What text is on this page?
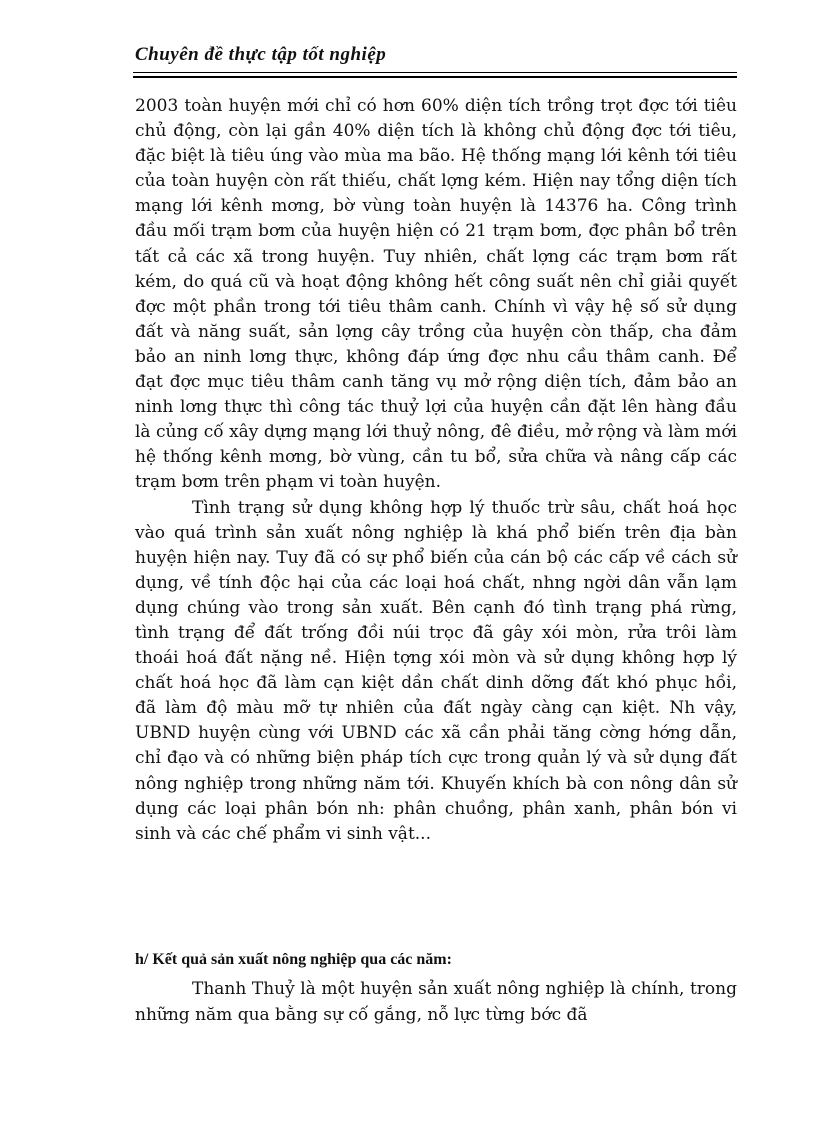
Chuyên đề thực tập tốt nghiệp

2003 toàn huyện mới chỉ có hơn 60% diện tích trồng trọt đợc tới tiêu chủ động, còn lại gần 40% diện tích là không chủ động đợc tới tiêu, đặc biệt là tiêu úng vào mùa ma bão. Hệ thống mạng lới kênh tới tiêu của toàn huyện còn rất thiếu, chất lợng kém. Hiện nay tổng diện tích mạng lới kênh mơng, bờ vùng toàn huyện là 14376 ha. Công trình đầu mối trạm bơm của huyện hiện có 21 trạm bơm, đợc phân bổ trên tất cả các xã trong huyện. Tuy nhiên, chất lợng các trạm bơm rất kém, do quá cũ và hoạt động không hết công suất nên chỉ giải quyết đợc một phần trong tới tiêu thâm canh. Chính vì vậy hệ số sử dụng đất và năng suất, sản lợng cây trồng của huyện còn thấp, cha đảm bảo an ninh lơng thực, không đáp ứng đợc nhu cầu thâm canh. Để đạt đợc mục tiêu thâm canh tăng vụ mở rộng diện tích, đảm bảo an ninh lơng thực thì công tác thuỷ lợi của huyện cần đặt lên hàng đầu là củng cố xây dựng mạng lới thuỷ nông, đê điều, mở rộng và làm mới hệ thống kênh mơng, bờ vùng, cần tu bổ, sửa chữa và nâng cấp các trạm bơm trên phạm vi toàn huyện.

Tình trạng sử dụng không hợp lý thuốc trừ sâu, chất hoá học vào quá trình sản xuất nông nghiệp là khá phổ biến trên địa bàn huyện hiện nay. Tuy đã có sự phổ biến của cán bộ các cấp về cách sử dụng, về tính độc hại của các loại hoá chất, nhng ngời dân vẫn lạm dụng chúng vào trong sản xuất. Bên cạnh đó tình trạng phá rừng, tình trạng để đất trống đồi núi trọc đã gây xói mòn, rửa trôi làm thoái hoá đất nặng nề. Hiện tợng xói mòn và sử dụng không hợp lý chất hoá học đã làm cạn kiệt dần chất dinh dỡng đất khó phục hồi, đã làm độ màu mỡ tự nhiên của đất ngày càng cạn kiệt. Nh vậy, UBND huyện cùng với UBND các xã cần phải tăng cờng hớng dẫn, chỉ đạo và có những biện pháp tích cực trong quản lý và sử dụng đất nông nghiệp trong những năm tới. Khuyến khích bà con nông dân sử dụng các loại phân bón nh: phân chuồng, phân xanh, phân bón vi sinh và các chế phẩm vi sinh vật...

h/ Kết quả sản xuất nông nghiệp qua các năm:

Thanh Thuỷ là một huyện sản xuất nông nghiệp là chính, trong những năm qua bằng sự cố gắng, nỗ lực từng bớc đã
